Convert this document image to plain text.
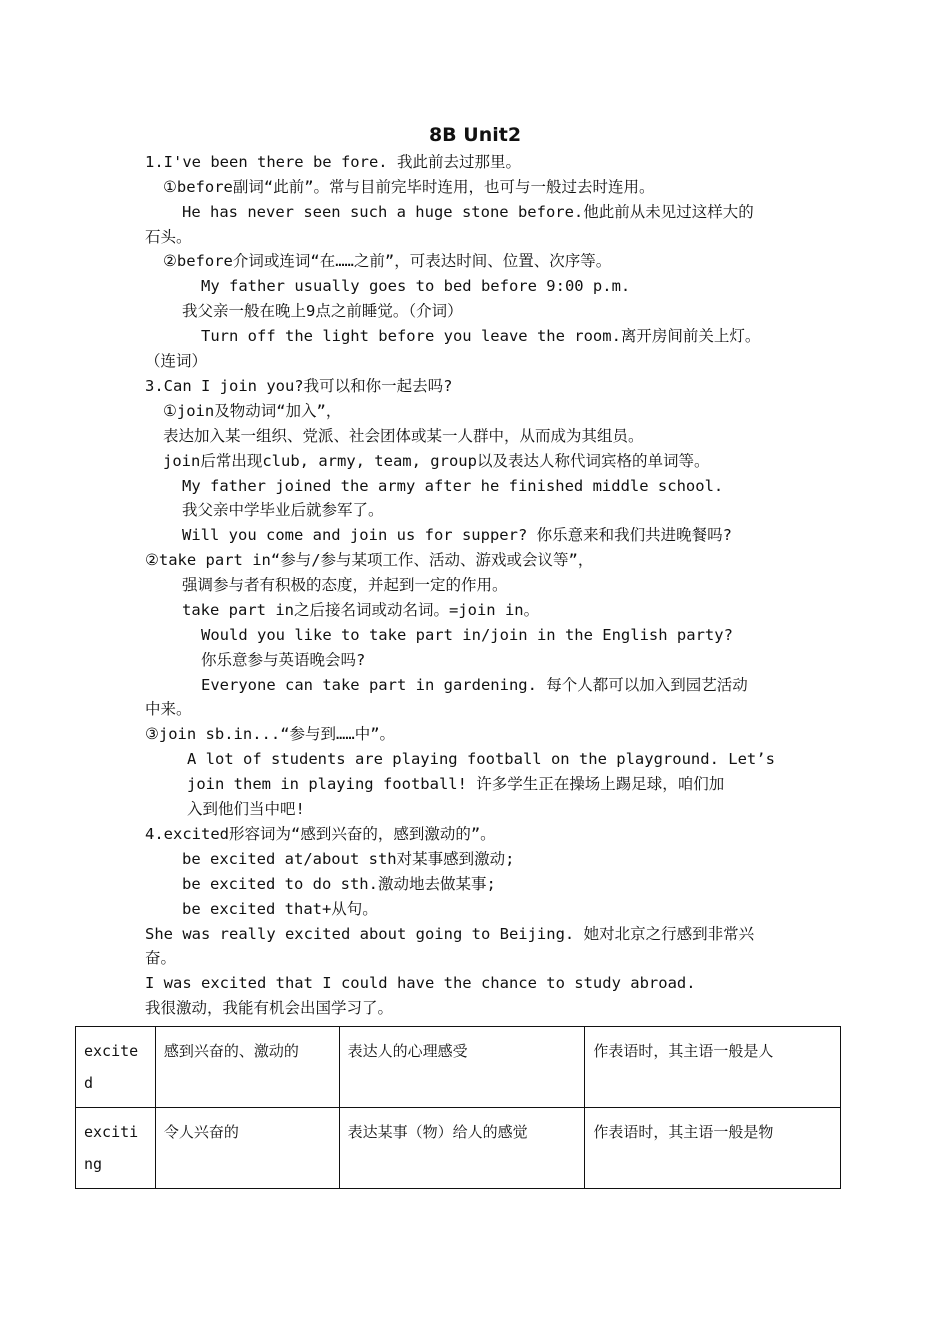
8B Unit2
1.I've been there be fore. 我此前去过那里。
①before副词“此前”。常与目前完毕时连用，也可与一般过去时连用。
He has never seen such a huge stone before.他此前从未见过这样大的
石头。
②before介词或连词“在……之前”，可表达时间、位置、次序等。
My father usually goes to bed before 9:00 p.m.
我父亲一般在晚上9点之前睡觉。（介词）
Turn off the light before you leave the room.离开房间前关上灯。
（连词）
3.Can I join you?我可以和你一起去吗?
①join及物动词“加入”，
表达加入某一组织、党派、社会团体或某一人群中，从而成为其组员。
join后常出现club, army, team, group以及表达人称代词宾格的单词等。
My father joined the army after he finished middle school.
我父亲中学毕业后就参军了。
Will you come and join us for supper? 你乐意来和我们共进晚餐吗?
②take part in“参与/参与某项工作、活动、游戏或会议等”，
强调参与者有积极的态度，并起到一定的作用。
take part in之后接名词或动名词。=join in。
Would you like to take part in/join in the English party?
你乐意参与英语晚会吗?
Everyone can take part in gardening. 每个人都可以加入到园艺活动
中来。
③join sb.in...“参与到……中”。
A lot of students are playing football on the playground. Let’s
join them in playing football! 许多学生正在操场上踢足球，咱们加
入到他们当中吧!
4.excited形容词为“感到兴奋的，感到激动的”。
be excited at/about sth对某事感到激动;
be excited to do sth.激动地去做某事;
be excited that+从句。
She was really excited about going to Beijing. 她对北京之行感到非常兴
奋。
I was excited that I could have the chance to study abroad.
我很激动，我能有机会出国学习了。
excited	感到兴奋的、激动的	表达人的心理感受	作表语时，其主语一般是人
exciting	令人兴奋的	表达某事（物）给人的感觉	作表语时，其主语一般是物
